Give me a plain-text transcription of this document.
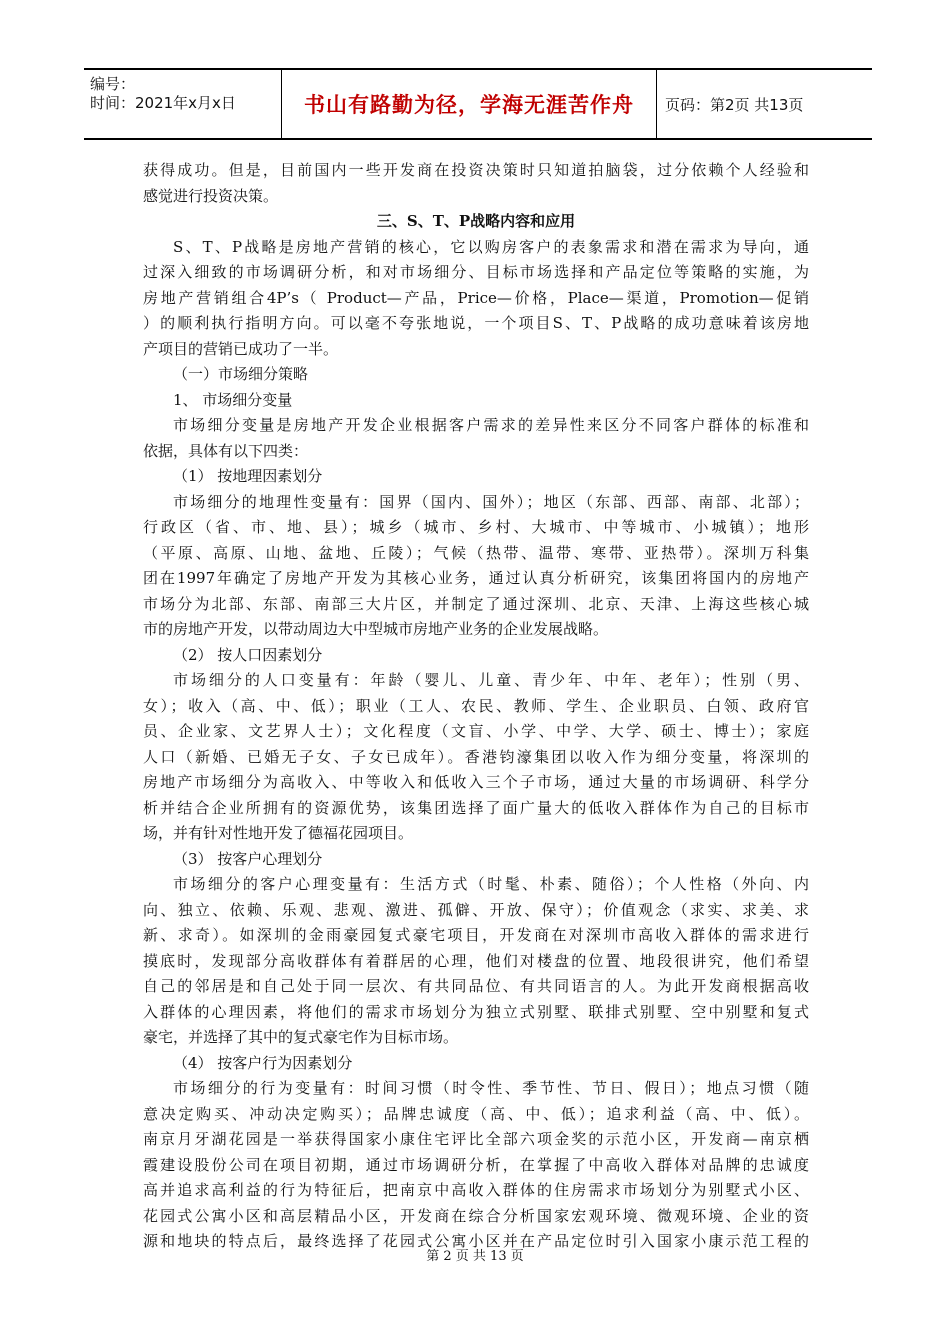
编号：
时间：2021年x月x日	书山有路勤为径，学海无涯苦作舟	页码：第2页 共13页
获得成功。但是，目前国内一些开发商在投资决策时只知道拍脑袋，过分依赖个人经验和
感觉进行投资决策。
三、S、T、P战略内容和应用
S、T、P战略是房地产营销的核心，它以购房客户的表象需求和潜在需求为导向，通
过深入细致的市场调研分析，和对市场细分、目标市场选择和产品定位等策略的实施，为
房地产营销组合4P’s（ Product—产品，Price—价格，Place—渠道，Promotion—促销
）的顺利执行指明方向。可以毫不夸张地说，一个项目S、T、P战略的成功意味着该房地
产项目的营销已成功了一半。
（一）市场细分策略
1、 市场细分变量
市场细分变量是房地产开发企业根据客户需求的差异性来区分不同客户群体的标准和
依据，具体有以下四类：
（1） 按地理因素划分
市场细分的地理性变量有：国界（国内、国外）；地区（东部、西部、南部、北部）；
行政区（省、市、地、县）；城乡（城市、乡村、大城市、中等城市、小城镇）；地形
（平原、高原、山地、盆地、丘陵）；气候（热带、温带、寒带、亚热带）。深圳万科集
团在1997年确定了房地产开发为其核心业务，通过认真分析研究，该集团将国内的房地产
市场分为北部、东部、南部三大片区，并制定了通过深圳、北京、天津、上海这些核心城
市的房地产开发，以带动周边大中型城市房地产业务的企业发展战略。
（2） 按人口因素划分
市场细分的人口变量有：年龄（婴儿、儿童、青少年、中年、老年）；性别（男、
女）；收入（高、中、低）；职业（工人、农民、教师、学生、企业职员、白领、政府官
员、企业家、文艺界人士）；文化程度（文盲、小学、中学、大学、硕士、博士）；家庭
人口（新婚、已婚无子女、子女已成年）。香港钧濠集团以收入作为细分变量，将深圳的
房地产市场细分为高收入、中等收入和低收入三个子市场，通过大量的市场调研、科学分
析并结合企业所拥有的资源优势，该集团选择了面广量大的低收入群体作为自己的目标市
场，并有针对性地开发了德福花园项目。
（3） 按客户心理划分
市场细分的客户心理变量有：生活方式（时髦、朴素、随俗）；个人性格（外向、内
向、独立、依赖、乐观、悲观、激进、孤僻、开放、保守）；价值观念（求实、求美、求
新、求奇）。如深圳的金雨豪园复式豪宅项目，开发商在对深圳市高收入群体的需求进行
摸底时，发现部分高收群体有着群居的心理，他们对楼盘的位置、地段很讲究，他们希望
自己的邻居是和自己处于同一层次、有共同品位、有共同语言的人。为此开发商根据高收
入群体的心理因素，将他们的需求市场划分为独立式别墅、联排式别墅、空中别墅和复式
豪宅，并选择了其中的复式豪宅作为目标市场。
（4） 按客户行为因素划分
市场细分的行为变量有：时间习惯（时令性、季节性、节日、假日）；地点习惯（随
意决定购买、冲动决定购买）；品牌忠诚度（高、中、低）；追求利益（高、中、低）。
南京月牙湖花园是一举获得国家小康住宅评比全部六项金奖的示范小区，开发商—南京栖
霞建设股份公司在项目初期，通过市场调研分析，在掌握了中高收入群体对品牌的忠诚度
高并追求高利益的行为特征后，把南京中高收入群体的住房需求市场划分为别墅式小区、
花园式公寓小区和高层精品小区，开发商在综合分析国家宏观环境、微观环境、企业的资
源和地块的特点后，最终选择了花园式公寓小区并在产品定位时引入国家小康示范工程的
第 2 页 共 13 页
